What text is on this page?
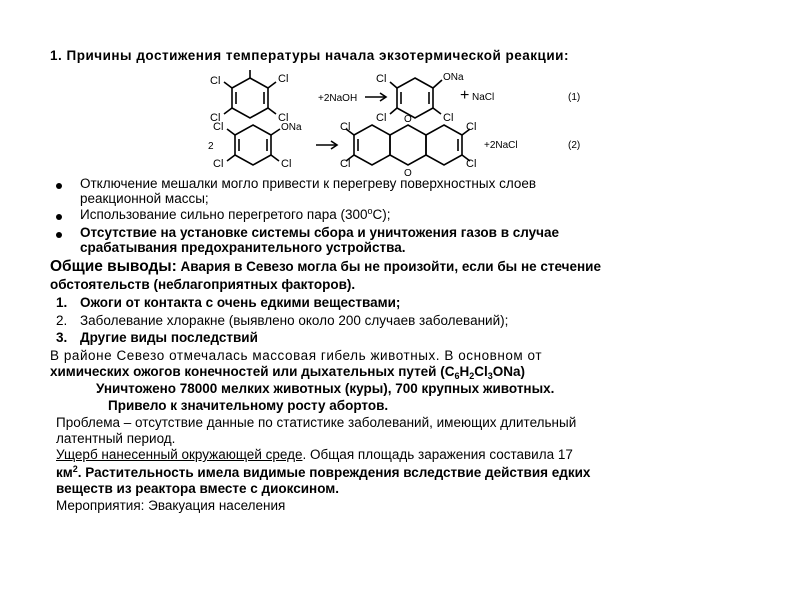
1. Причины достижения температуры начала экзотермической реакции:
Cl
Cl
Cl
Cl
+2NaOH
Cl
Cl
ONa
Cl
+ NaCl	(1)
Cl
Cl
ONa
Cl
2
Cl
Cl
Cl
Cl
O
O
+2NaCl	(2)
Отключение мешалки могло привести к перегреву поверхностных слоев
реакционной массы;
Использование сильно перегретого пара $(300^оС)$;
Отсутствие на установке системы сбора и уничтожения газов в случае
срабатывания предохранительного устройства.
Общие выводы: Авария в Севезо могла бы не произойти, если бы не стечение
обстоятельств (неблагоприятных факторов).
1. Ожоги от контакта с очень едкими веществами;
2. Заболевание хлоракне (выявлено около 200 случаев заболеваний);
3. Другие виды последствий
В районе Севезо отмечалась массовая гибель животных. В основном от
химических ожогов конечностей или дыхательных путей $(С_6Н_2Cl_3ONa)$
Уничтожено 78000 мелких животных (куры), 700 крупных животных.
Привело к значительному росту абортов.
Проблема – отсутствие данные по статистике заболеваний, имеющих длительный
латентный период.
Ущерб нанесенный окружающей среде. Общая площадь заражения составила 17
$км^2$. Растительность имела видимые повреждения вследствие действия едких
веществ из реактора вместе с диоксином.
Мероприятия: Эвакуация населения
